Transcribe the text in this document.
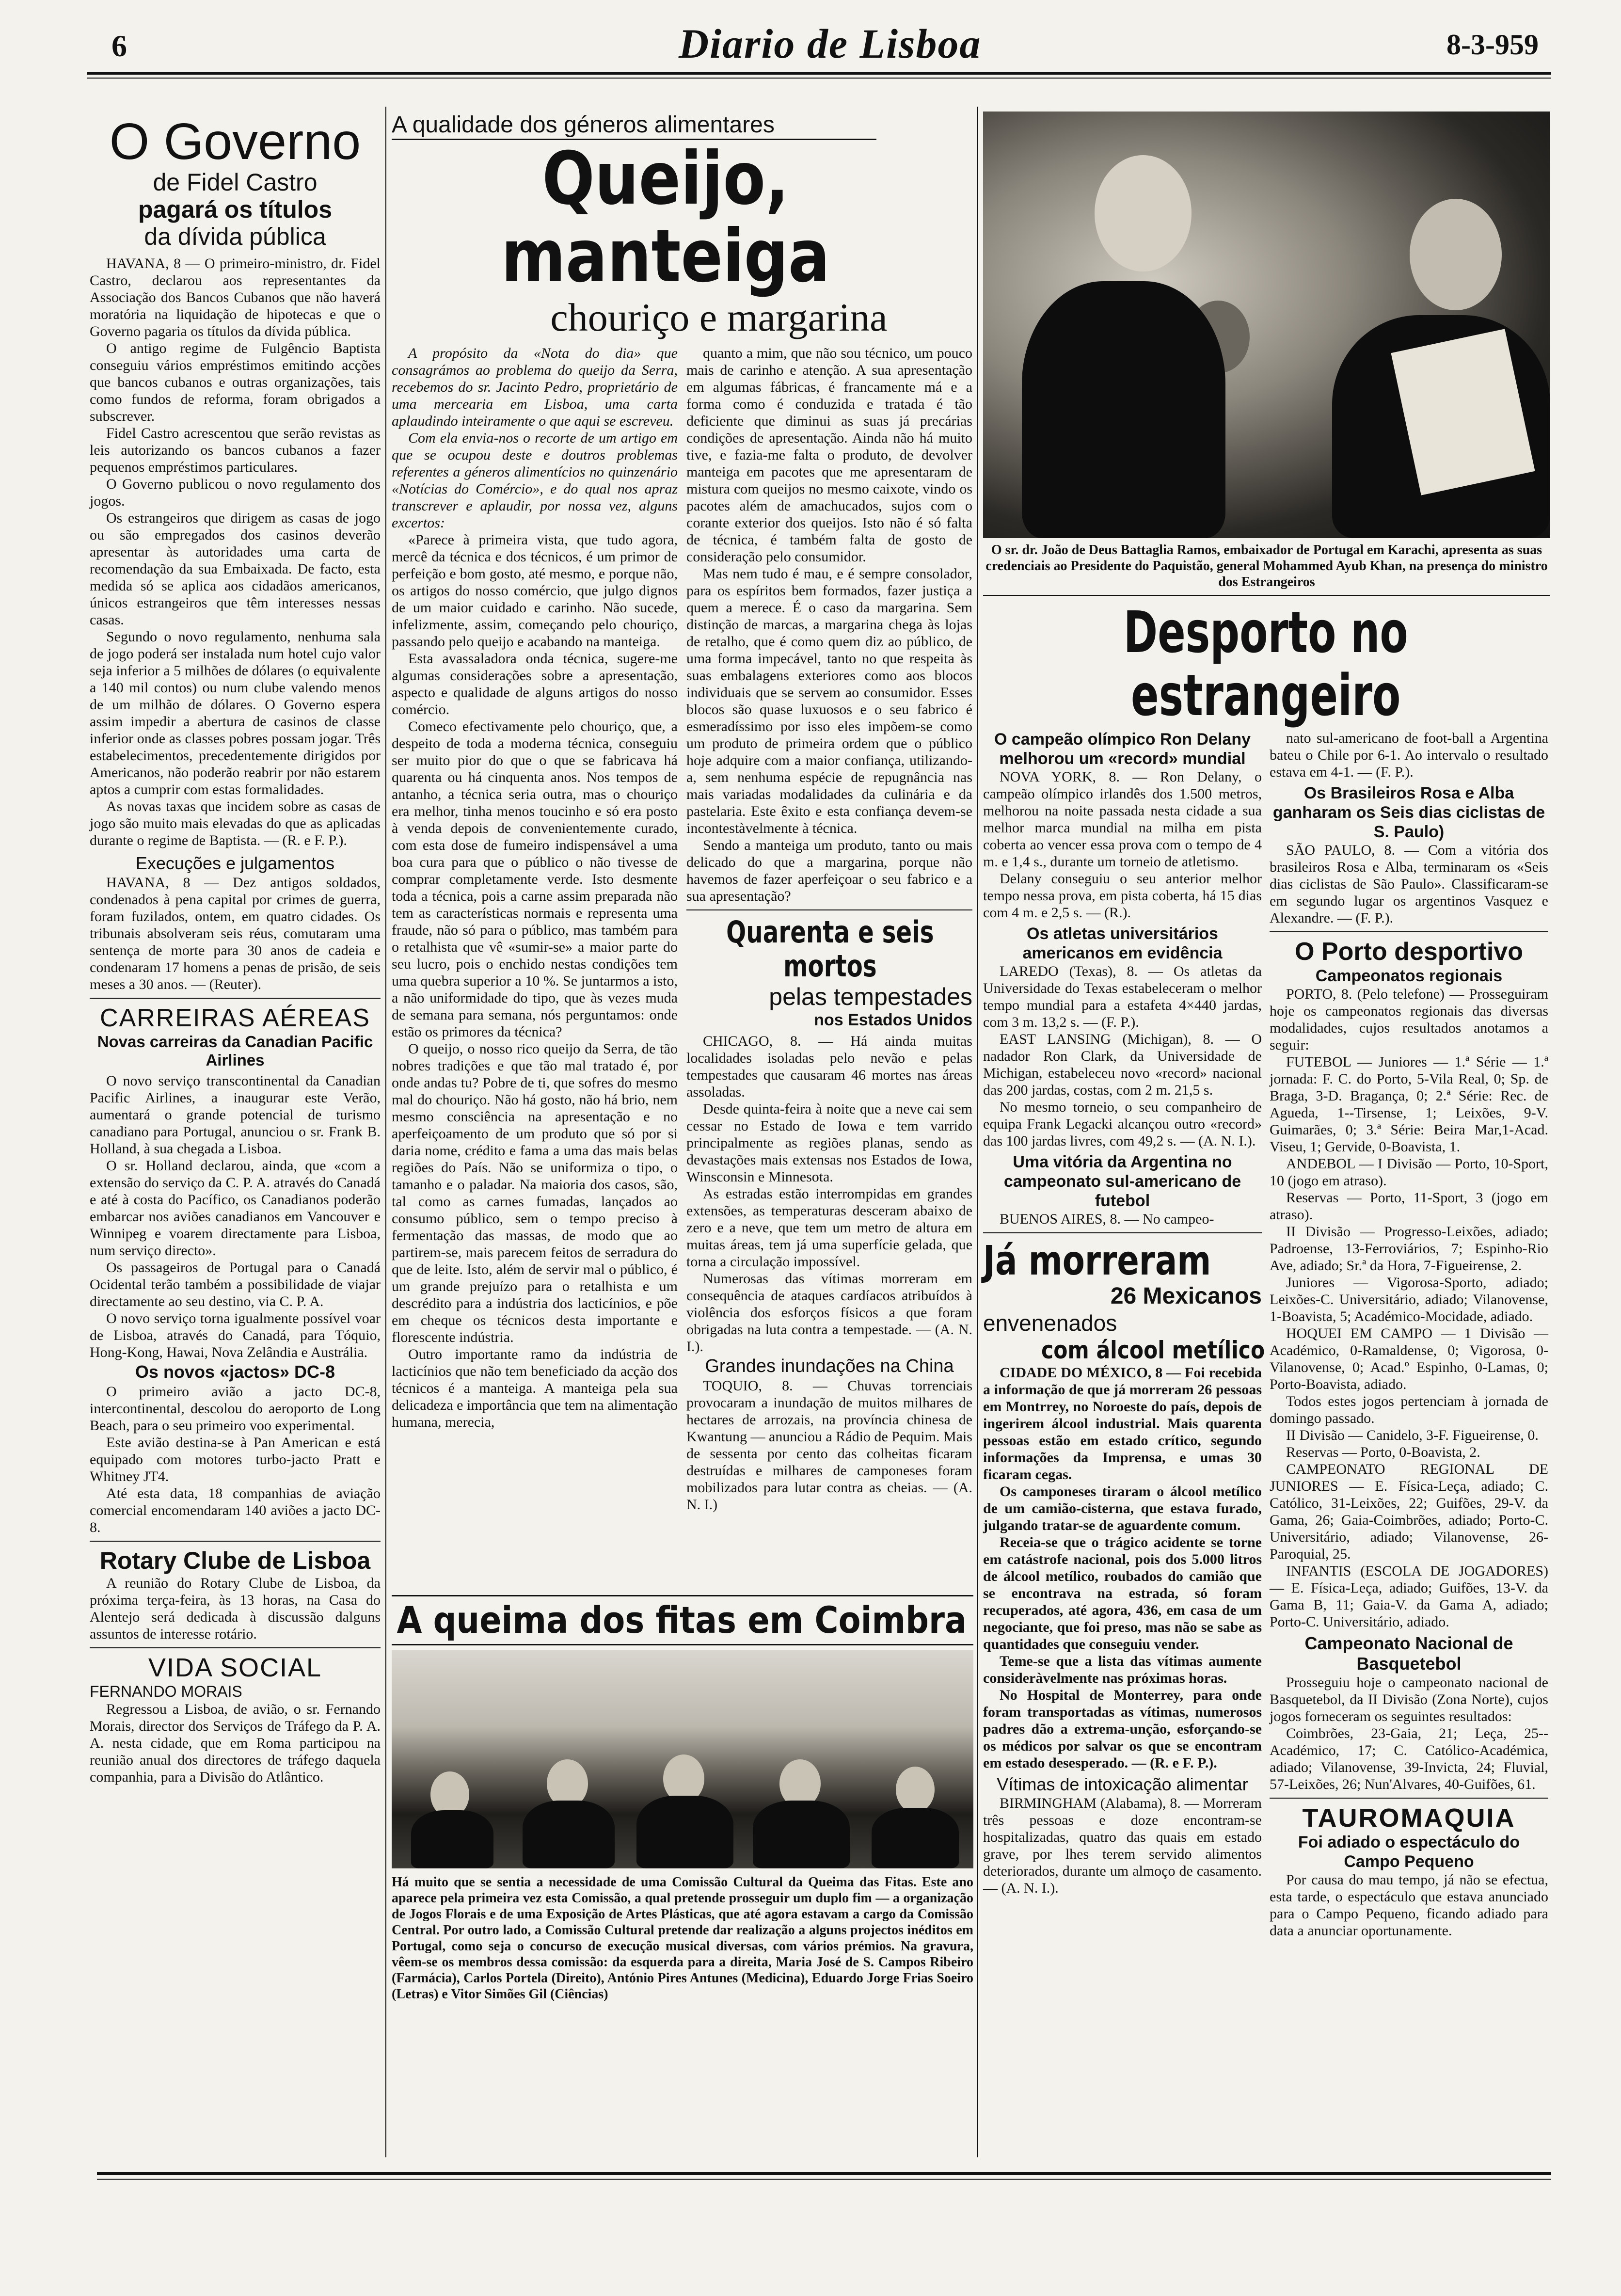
6	Diario de Lisboa	8-3-959
O Governo
de Fidel Castro
pagará os títulos
da dívida pública

HAVANA, 8 — O primeiro-ministro, dr. Fidel Castro, declarou aos representantes da Associação dos Bancos Cubanos que não haverá moratória na liquidação de hipotecas e que o Governo pagaria os títulos da dívida pública.

O antigo regime de Fulgêncio Baptista conseguiu vários empréstimos emitindo acções que bancos cubanos e outras organizações, tais como fundos de reforma, foram obrigados a subscrever.

Fidel Castro acrescentou que serão revistas as leis autorizando os bancos cubanos a fazer pequenos empréstimos particulares.

O Governo publicou o novo regulamento dos jogos.

Os estrangeiros que dirigem as casas de jogo ou são empregados dos casinos deverão apresentar às autoridades uma carta de recomendação da sua Embaixada. De facto, esta medida só se aplica aos cidadãos americanos, únicos estrangeiros que têm interesses nessas casas.

Segundo o novo regulamento, nenhuma sala de jogo poderá ser instalada num hotel cujo valor seja inferior a 5 milhões de dólares (o equivalente a 140 mil contos) ou num clube valendo menos de um milhão de dólares. O Governo espera assim impedir a abertura de casinos de classe inferior onde as classes pobres possam jogar. Três estabelecimentos, precedentemente dirigidos por Americanos, não poderão reabrir por não estarem aptos a cumprir com estas formalidades.

As novas taxas que incidem sobre as casas de jogo são muito mais elevadas do que as aplicadas durante o regime de Baptista. — (R. e F. P.).

Execuções e julgamentos

HAVANA, 8 — Dez antigos soldados, condenados à pena capital por crimes de guerra, foram fuzilados, ontem, em quatro cidades. Os tribunais absolveram seis réus, comutaram uma sentença de morte para 30 anos de cadeia e condenaram 17 homens a penas de prisão, de seis meses a 30 anos. — (Reuter).

CARREIRAS AÉREAS
Novas carreiras da Canadian Pacific Airlines

O novo serviço transcontinental da Canadian Pacific Airlines, a inaugurar este Verão, aumentará o grande potencial de turismo canadiano para Portugal, anunciou o sr. Frank B. Holland, à sua chegada a Lisboa.

O sr. Holland declarou, ainda, que «com a extensão do serviço da C. P. A. através do Canadá e até à costa do Pacífico, os Canadianos poderão embarcar nos aviões canadianos em Vancouver e Winnipeg e voarem directamente para Lisboa, num serviço directo».

Os passageiros de Portugal para o Canadá Ocidental terão também a possibilidade de viajar directamente ao seu destino, via C. P. A.

O novo serviço torna igualmente possível voar de Lisboa, através do Canadá, para Tóquio, Hong-Kong, Hawai, Nova Zelândia e Austrália.

Os novos «jactos» DC-8

O primeiro avião a jacto DC-8, intercontinental, descolou do aeroporto de Long Beach, para o seu primeiro voo experimental.

Este avião destina-se à Pan American e está equipado com motores turbo-jacto Pratt e Whitney JT4.

Até esta data, 18 companhias de aviação comercial encomendaram 140 aviões a jacto DC-8.

Rotary Clube de Lisboa

A reunião do Rotary Clube de Lisboa, da próxima terça-feira, às 13 horas, na Casa do Alentejo será dedicada à discussão dalguns assuntos de interesse rotário.

VIDA SOCIAL
FERNANDO MORAIS

Regressou a Lisboa, de avião, o sr. Fernando Morais, director dos Serviços de Tráfego da P. A. A. nesta cidade, que em Roma participou na reunião anual dos directores de tráfego daquela companhia, para a Divisão do Atlântico.

A qualidade dos géneros alimentares
Queijo, manteiga
chouriço e margarina

A propósito da «Nota do dia» que consagrámos ao problema do queijo da Serra, recebemos do sr. Jacinto Pedro, proprietário de uma mercearia em Lisboa, uma carta aplaudindo inteiramente o que aqui se escreveu.

Com ela envia-nos o recorte de um artigo em que se ocupou deste e doutros problemas referentes a géneros alimentícios no quinzenário «Notícias do Comércio», e do qual nos apraz transcrever e aplaudir, por nossa vez, alguns excertos:

«Parece à primeira vista, que tudo agora, mercê da técnica e dos técnicos, é um primor de perfeição e bom gosto, até mesmo, e porque não, os artigos do nosso comércio, que julgo dignos de um maior cuidado e carinho. Não sucede, infelizmente, assim, começando pelo chouriço, passando pelo queijo e acabando na manteiga.

Esta avassaladora onda técnica, sugere-me algumas considerações sobre a apresentação, aspecto e qualidade de alguns artigos do nosso comércio.

Comeco efectivamente pelo chouriço, que, a despeito de toda a moderna técnica, conseguiu ser muito pior do que o que se fabricava há quarenta ou há cinquenta anos. Nos tempos de antanho, a técnica seria outra, mas o chouriço era melhor, tinha menos toucinho e só era posto à venda depois de convenientemente curado, com esta dose de fumeiro indispensável a uma boa cura para que o público o não tivesse de comprar completamente verde. Isto desmente toda a técnica, pois a carne assim preparada não tem as características normais e representa uma fraude, não só para o público, mas também para o retalhista que vê «sumir-se» a maior parte do seu lucro, pois o enchido nestas condições tem uma quebra superior a 10 %. Se juntarmos a isto, a não uniformidade do tipo, que às vezes muda de semana para semana, nós perguntamos: onde estão os primores da técnica?

O queijo, o nosso rico queijo da Serra, de tão nobres tradições e que tão mal tratado é, por onde andas tu? Pobre de ti, que sofres do mesmo mal do chouriço. Não há gosto, não há brio, nem mesmo consciência na apresentação e no aperfeiçoamento de um produto que só por si daria nome, crédito e fama a uma das mais belas regiões do País. Não se uniformiza o tipo, o tamanho e o paladar. Na maioria dos casos, são, tal como as carnes fumadas, lançados ao consumo público, sem o tempo preciso à fermentação das massas, de modo que ao partirem-se, mais parecem feitos de serradura do que de leite. Isto, além de servir mal o público, é um grande prejuízo para o retalhista e um descrédito para a indústria dos lacticínios, e põe em cheque os técnicos desta importante e florescente indústria.

Outro importante ramo da indústria de lacticínios que não tem beneficiado da acção dos técnicos é a manteiga. A manteiga pela sua delicadeza e importância que tem na alimentação humana, merecia,

quanto a mim, que não sou técnico, um pouco mais de carinho e atenção. A sua apresentação em algumas fábricas, é francamente má e a forma como é conduzida e tratada é tão deficiente que diminui as suas já precárias condições de apresentação. Ainda não há muito tive, e fazia-me falta o produto, de devolver manteiga em pacotes que me apresentaram de mistura com queijos no mesmo caixote, vindo os pacotes além de amachucados, sujos com o corante exterior dos queijos. Isto não é só falta de técnica, é também falta de gosto de consideração pelo consumidor.

Mas nem tudo é mau, e é sempre consolador, para os espíritos bem formados, fazer justiça a quem a merece. É o caso da margarina. Sem distinção de marcas, a margarina chega às lojas de retalho, que é como quem diz ao público, de uma forma impecável, tanto no que respeita às suas embalagens exteriores como aos blocos individuais que se servem ao consumidor. Esses blocos são quase luxuosos e o seu fabrico é esmeradíssimo por isso eles impõem-se como um produto de primeira ordem que o público hoje adquire com a maior confiança, utilizando-a, sem nenhuma espécie de repugnância nas mais variadas modalidades da culinária e da pastelaria. Este êxito e esta confiança devem-se incontestàvelmente à técnica.

Sendo a manteiga um produto, tanto ou mais delicado do que a margarina, porque não havemos de fazer aperfeiçoar o seu fabrico e a sua apresentação?

Quarenta e seis mortos
pelas tempestades
nos Estados Unidos

CHICAGO, 8. — Há ainda muitas localidades isoladas pelo nevão e pelas tempestades que causaram 46 mortes nas áreas assoladas.

Desde quinta-feira à noite que a neve cai sem cessar no Estado de Iowa e tem varrido principalmente as regiões planas, sendo as devastações mais extensas nos Estados de Iowa, Winsconsin e Minnesota.

As estradas estão interrompidas em grandes extensões, as temperaturas desceram abaixo de zero e a neve, que tem um metro de altura em muitas áreas, tem já uma superfície gelada, que torna a circulação impossível.

Numerosas das vítimas morreram em consequência de ataques cardíacos atribuídos à violência dos esforços físicos a que foram obrigadas na luta contra a tempestade. — (A. N. I.).

Grandes inundações na China

TOQUIO, 8. — Chuvas torrenciais provocaram a inundação de muitos milhares de hectares de arrozais, na província chinesa de Kwantung — anunciou a Rádio de Pequim. Mais de sessenta por cento das colheitas ficaram destruídas e milhares de camponeses foram mobilizados para lutar contra as cheias. — (A. N. I.)

A queima dos fitas em Coimbra
Há muito que se sentia a necessidade de uma Comissão Cultural da Queima das Fitas. Este ano aparece pela primeira vez esta Comissão, a qual pretende prosseguir um duplo fim — a organização de Jogos Florais e de uma Exposição de Artes Plásticas, que até agora estavam a cargo da Comissão Central. Por outro lado, a Comissão Cultural pretende dar realização a alguns projectos inéditos em Portugal, como seja o concurso de execução musical diversas, com vários prémios. Na gravura, vêem-se os membros dessa comissão: da esquerda para a direita, Maria José de S. Campos Ribeiro (Farmácia), Carlos Portela (Direito), António Pires Antunes (Medicina), Eduardo Jorge Frias Soeiro (Letras) e Vitor Simões Gil (Ciências)
O sr. dr. João de Deus Battaglia Ramos, embaixador de Portugal em Karachi, apresenta as suas credenciais ao Presidente do Paquistão, general Mohammed Ayub Khan, na presença do ministro dos Estrangeiros
Desporto no estrangeiro
O campeão olímpico Ron Delany melhorou um «record» mundial

NOVA YORK, 8. — Ron Delany, o campeão olímpico irlandês dos 1.500 metros, melhorou na noite passada nesta cidade a sua melhor marca mundial na milha em pista coberta ao vencer essa prova com o tempo de 4 m. e 1,4 s., durante um torneio de atletismo.

Delany conseguiu o seu anterior melhor tempo nessa prova, em pista coberta, há 15 dias com 4 m. e 2,5 s. — (R.).

Os atletas universitários americanos em evidência

LAREDO (Texas), 8. — Os atletas da Universidade do Texas estabeleceram o melhor tempo mundial para a estafeta 4×440 jardas, com 3 m. 13,2 s. — (F. P.).

EAST LANSING (Michigan), 8. — O nadador Ron Clark, da Universidade de Michigan, estabeleceu novo «record» nacional das 200 jardas, costas, com 2 m. 21,5 s.

No mesmo torneio, o seu companheiro de equipa Frank Legacki alcançou outro «record» das 100 jardas livres, com 49,2 s. — (A. N. I.).

Uma vitória da Argentina no campeonato sul-americano de futebol

BUENOS AIRES, 8. — No campeo-

Já morreram
26 Mexicanos
envenenados
com álcool metílico

CIDADE DO MÉXICO, 8 — Foi recebida a informação de que já morreram 26 pessoas em Montrrey, no Noroeste do país, depois de ingerirem álcool industrial. Mais quarenta pessoas estão em estado crítico, segundo informações da Imprensa, e umas 30 ficaram cegas.

Os camponeses tiraram o álcool metílico de um camião-cisterna, que estava furado, julgando tratar-se de aguardente comum.

Receia-se que o trágico acidente se torne em catástrofe nacional, pois dos 5.000 litros de álcool metílico, roubados do camião que se encontrava na estrada, só foram recuperados, até agora, 436, em casa de um negociante, que foi preso, mas não se sabe as quantidades que conseguiu vender.

Teme-se que a lista das vítimas aumente consideràvelmente nas próximas horas.

No Hospital de Monterrey, para onde foram transportadas as vítimas, numerosos padres dão a extrema-unção, esforçando-se os médicos por salvar os que se encontram em estado desesperado. — (R. e F. P.).

Vítimas de intoxicação alimentar

BIRMINGHAM (Alabama), 8. — Morreram três pessoas e doze encontram-se hospitalizadas, quatro das quais em estado grave, por lhes terem servido alimentos deteriorados, durante um almoço de casamento. — (A. N. I.).

nato sul-americano de foot-ball a Argentina bateu o Chile por 6-1. Ao intervalo o resultado estava em 4-1. — (F. P.).

Os Brasileiros Rosa e Alba ganharam os Seis dias ciclistas de S. Paulo)

SÃO PAULO, 8. — Com a vitória dos brasileiros Rosa e Alba, terminaram os «Seis dias ciclistas de São Paulo». Classificaram-se em segundo lugar os argentinos Vasquez e Alexandre. — (F. P.).

O Porto desportivo
Campeonatos regionais

PORTO, 8. (Pelo telefone) — Prosseguiram hoje os campeonatos regionais das diversas modalidades, cujos resultados anotamos a seguir:

FUTEBOL — Juniores — 1.ª Série — 1.ª jornada: F. C. do Porto, 5-Vila Real, 0; Sp. de Braga, 3-D. Bragança, 0; 2.ª Série: Rec. de Agueda, 1--Tirsense, 1; Leixões, 9-V. Guimarães, 0; 3.ª Série: Beira Mar,1-Acad. Viseu, 1; Gervide, 0-Boavista, 1.

ANDEBOL — I Divisão — Porto, 10-Sport, 10 (jogo em atraso).

Reservas — Porto, 11-Sport, 3 (jogo em atraso).

II Divisão — Progresso-Leixões, adiado; Padroense, 13-Ferroviários, 7; Espinho-Rio Ave, adiado; Sr.ª da Hora, 7-Figueirense, 2.

Juniores — Vigorosa-Sporto, adiado; Leixões-C. Universitário, adiado; Vilanovense, 1-Boavista, 5; Académico-Mocidade, adiado.

HOQUEI EM CAMPO — 1 Divisão — Académico, 0-Ramaldense, 0; Vigorosa, 0-Vilanovense, 0; Acad.º Espinho, 0-Lamas, 0; Porto-Boavista, adiado.

Todos estes jogos pertenciam à jornada de domingo passado.

II Divisão — Canidelo, 3-F. Figueirense, 0.

Reservas — Porto, 0-Boavista, 2.

CAMPEONATO REGIONAL DE JUNIORES — E. Física-Leça, adiado; C. Católico, 31-Leixões, 22; Guifões, 29-V. da Gama, 26; Gaia-Coimbrões, adiado; Porto-C. Universitário, adiado; Vilanovense, 26-Paroquial, 25.

INFANTIS (ESCOLA DE JOGADORES) — E. Física-Leça, adiado; Guifões, 13-V. da Gama B, 11; Gaia-V. da Gama A, adiado; Porto-C. Universitário, adiado.

Campeonato Nacional de Basquetebol

Prosseguiu hoje o campeonato nacional de Basquetebol, da II Divisão (Zona Norte), cujos jogos forneceram os seguintes resultados:

Coimbrões, 23-Gaia, 21; Leça, 25--Académico, 17; C. Católico-Académica, adiado; Vilanovense, 39-Invicta, 24; Fluvial, 57-Leixões, 26; Nun'Alvares, 40-Guifões, 61.

TAUROMAQUIA
Foi adiado o espectáculo do Campo Pequeno

Por causa do mau tempo, já não se efectua, esta tarde, o espectáculo que estava anunciado para o Campo Pequeno, ficando adiado para data a anunciar oportunamente.
